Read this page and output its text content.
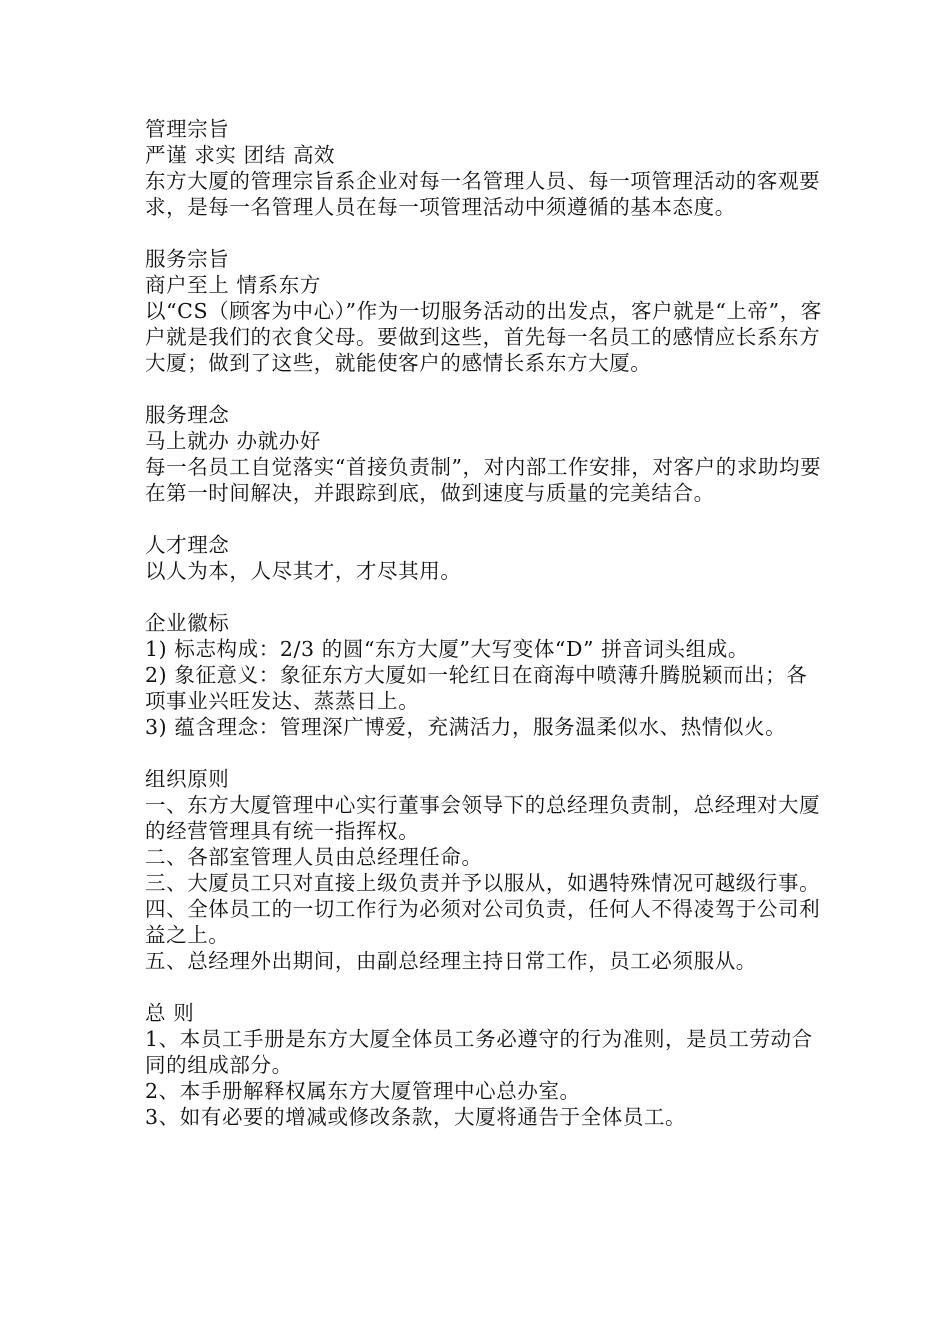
管理宗旨

严谨 求实 团结 高效

东方大厦的管理宗旨系企业对每一名管理人员、每一项管理活动的客观要求，是每一名管理人员在每一项管理活动中须遵循的基本态度。

服务宗旨

商户至上 情系东方

以“CS（顾客为中心）”作为一切服务活动的出发点，客户就是“上帝”，客户就是我们的衣食父母。要做到这些，首先每一名员工的感情应长系东方大厦；做到了这些，就能使客户的感情长系东方大厦。

服务理念

马上就办 办就办好

每一名员工自觉落实“首接负责制”，对内部工作安排，对客户的求助均要在第一时间解决，并跟踪到底，做到速度与质量的完美结合。

人才理念

以人为本，人尽其才，才尽其用。

企业徽标

1) 标志构成：2/3 的圆“东方大厦”大写变体“D” 拼音词头组成。

2) 象征意义：象征东方大厦如一轮红日在商海中喷薄升腾脱颖而出；各项事业兴旺发达、蒸蒸日上。

3) 蕴含理念：管理深广博爱，充满活力，服务温柔似水、热情似火。

组织原则

一、东方大厦管理中心实行董事会领导下的总经理负责制，总经理对大厦的经营管理具有统一指挥权。

二、各部室管理人员由总经理任命。

三、大厦员工只对直接上级负责并予以服从，如遇特殊情况可越级行事。

四、全体员工的一切工作行为必须对公司负责，任何人不得凌驾于公司利益之上。

五、总经理外出期间，由副总经理主持日常工作，员工必须服从。

总 则

1、本员工手册是东方大厦全体员工务必遵守的行为准则，是员工劳动合同的组成部分。

2、本手册解释权属东方大厦管理中心总办室。

3、如有必要的增减或修改条款，大厦将通告于全体员工。
